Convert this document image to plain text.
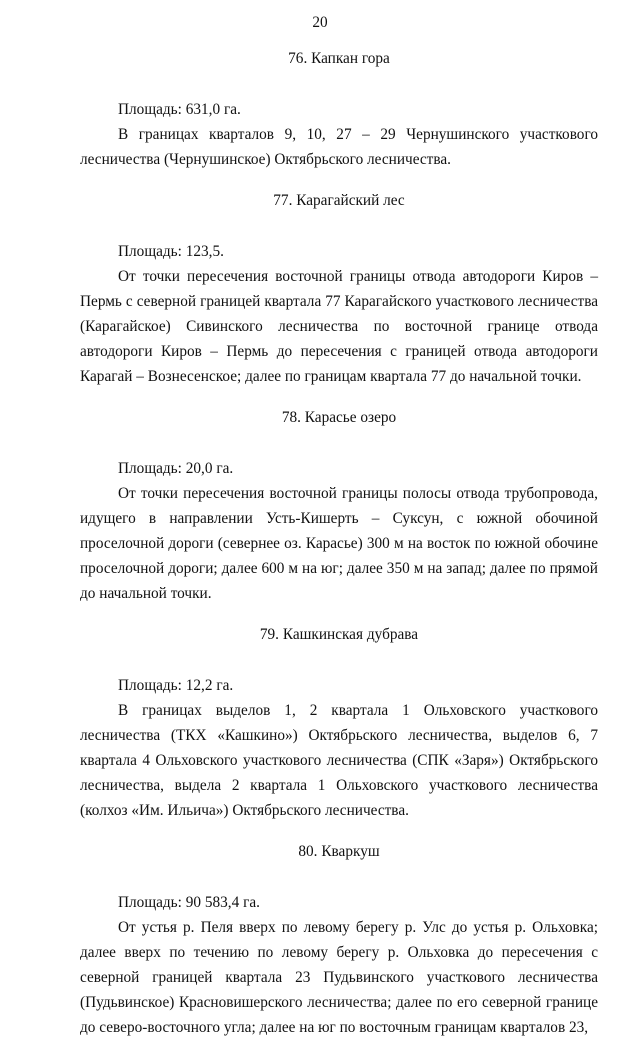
20
76. Капкан гора

Площадь: 631,0 га.

В границах кварталов 9, 10, 27 – 29 Чернушинского участкового лесничества (Чернушинское) Октябрьского лесничества.

77. Карагайский лес

Площадь: 123,5.

От точки пересечения восточной границы отвода автодороги Киров – Пермь с северной границей квартала 77 Карагайского участкового лесничества (Карагайское) Сивинского лесничества по восточной границе отвода автодороги Киров – Пермь до пересечения с границей отвода автодороги Карагай – Вознесенское; далее по границам квартала 77 до начальной точки.

78. Карасье озеро

Площадь: 20,0 га.

От точки пересечения восточной границы полосы отвода трубопровода, идущего в направлении Усть-Кишерть – Суксун, с южной обочиной проселочной дороги (севернее оз. Карасье) 300 м на восток по южной обочине проселочной дороги; далее 600 м на юг; далее 350 м на запад; далее по прямой до начальной точки.

79. Кашкинская дубрава

Площадь: 12,2 га.

В границах выделов 1, 2 квартала 1 Ольховского участкового лесничества (ТКХ «Кашкино») Октябрьского лесничества, выделов 6, 7 квартала 4 Ольховского участкового лесничества (СПК «Заря») Октябрьского лесничества, выдела 2 квартала 1 Ольховского участкового лесничества (колхоз «Им. Ильича») Октябрьского лесничества.

80. Кваркуш

Площадь: 90 583,4 га.

От устья р. Пеля вверх по левому берегу р. Улс до устья р. Ольховка; далее вверх по течению по левому берегу р. Ольховка до пересечения с северной границей квартала 23 Пудьвинского участкового лесничества (Пудьвинское) Красновишерского лесничества; далее по его северной границе до северо-восточного угла; далее на юг по восточным границам кварталов 23,
